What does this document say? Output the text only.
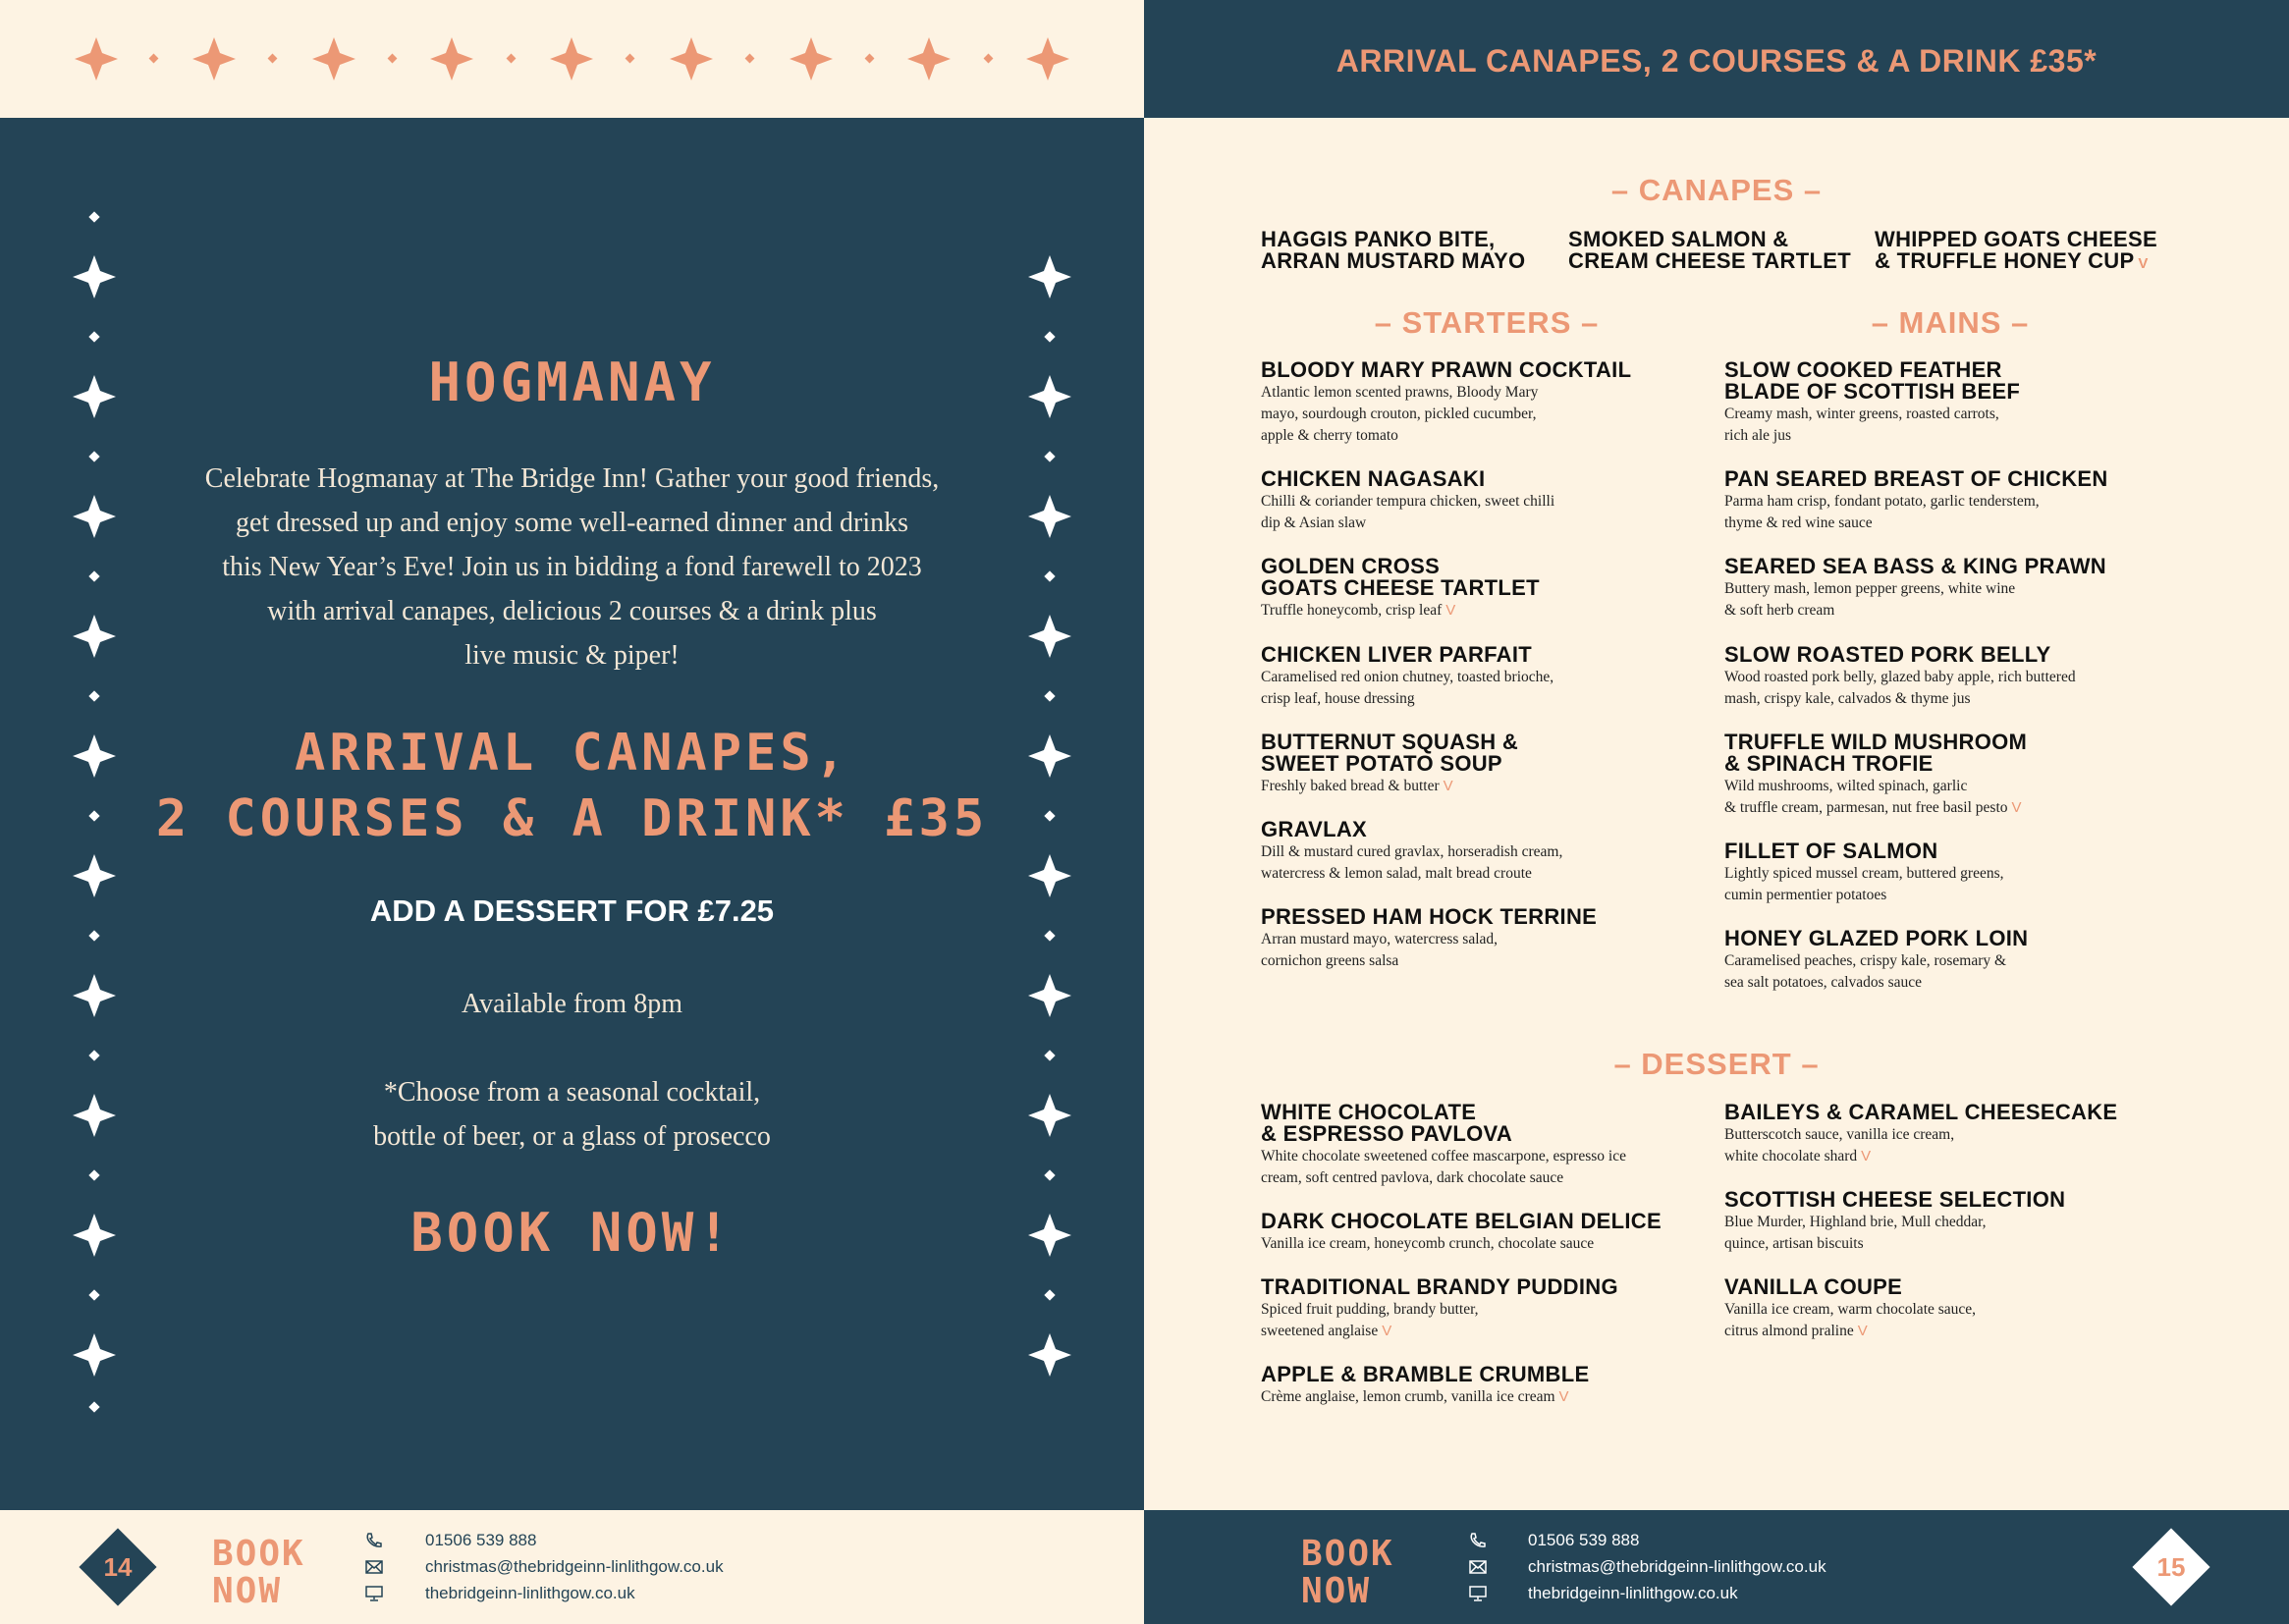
HOGMANAY
Celebrate Hogmanay at The Bridge Inn! Gather your good friends,
get dressed up and enjoy some well-earned dinner and drinks
this New Year’s Eve! Join us in bidding a fond farewell to 2023
with arrival canapes, delicious 2 courses & a drink plus
live music & piper!
ARRIVAL CANAPES,
2 COURSES & A DRINK* £35
ADD A DESSERT FOR £7.25
Available from 8pm
*Choose from a seasonal cocktail,
bottle of beer, or a glass of prosecco
BOOK NOW!
14	BOOK
NOW
01506 539 888
christmas@thebridgeinn-linlithgow.co.uk
thebridgeinn-linlithgow.co.uk
ARRIVAL CANAPES, 2 COURSES & A DRINK £35*
– CANAPES –
HAGGIS PANKO BITE,
ARRAN MUSTARD MAYO
SMOKED SALMON &
CREAM CHEESE TARTLET
WHIPPED GOATS CHEESE
& TRUFFLE HONEY CUP V
– STARTERS –	– MAINS –
BLOODY MARY PRAWN COCKTAIL
Atlantic lemon scented prawns, Bloody Mary
mayo, sourdough crouton, pickled cucumber,
apple & cherry tomato
CHICKEN NAGASAKI
Chilli & coriander tempura chicken, sweet chilli
dip & Asian slaw
GOLDEN CROSS
GOATS CHEESE TARTLET
Truffle honeycomb, crisp leaf V
CHICKEN LIVER PARFAIT
Caramelised red onion chutney, toasted brioche,
crisp leaf, house dressing
BUTTERNUT SQUASH &
SWEET POTATO SOUP
Freshly baked bread & butter V
GRAVLAX
Dill & mustard cured gravlax, horseradish cream,
watercress & lemon salad, malt bread croute
PRESSED HAM HOCK TERRINE
Arran mustard mayo, watercress salad,
cornichon greens salsa
SLOW COOKED FEATHER
BLADE OF SCOTTISH BEEF
Creamy mash, winter greens, roasted carrots,
rich ale jus
PAN SEARED BREAST OF CHICKEN
Parma ham crisp, fondant potato, garlic tenderstem,
thyme & red wine sauce
SEARED SEA BASS & KING PRAWN
Buttery mash, lemon pepper greens, white wine
& soft herb cream
SLOW ROASTED PORK BELLY
Wood roasted pork belly, glazed baby apple, rich buttered
mash, crispy kale, calvados & thyme jus
TRUFFLE WILD MUSHROOM
& SPINACH TROFIE
Wild mushrooms, wilted spinach, garlic
& truffle cream, parmesan, nut free basil pesto V
FILLET OF SALMON
Lightly spiced mussel cream, buttered greens,
cumin permentier potatoes
HONEY GLAZED PORK LOIN
Caramelised peaches, crispy kale, rosemary &
sea salt potatoes, calvados sauce
– DESSERT –
WHITE CHOCOLATE
& ESPRESSO PAVLOVA
White chocolate sweetened coffee mascarpone, espresso ice
cream, soft centred pavlova, dark chocolate sauce
DARK CHOCOLATE BELGIAN DELICE
Vanilla ice cream, honeycomb crunch, chocolate sauce
TRADITIONAL BRANDY PUDDING
Spiced fruit pudding, brandy butter,
sweetened anglaise V
APPLE & BRAMBLE CRUMBLE
Crème anglaise, lemon crumb, vanilla ice cream V
BAILEYS & CARAMEL CHEESECAKE
Butterscotch sauce, vanilla ice cream,
white chocolate shard V
SCOTTISH CHEESE SELECTION
Blue Murder, Highland brie, Mull cheddar,
quince, artisan biscuits
VANILLA COUPE
Vanilla ice cream, warm chocolate sauce,
citrus almond praline V
BOOK
NOW
01506 539 888
christmas@thebridgeinn-linlithgow.co.uk
thebridgeinn-linlithgow.co.uk
15
